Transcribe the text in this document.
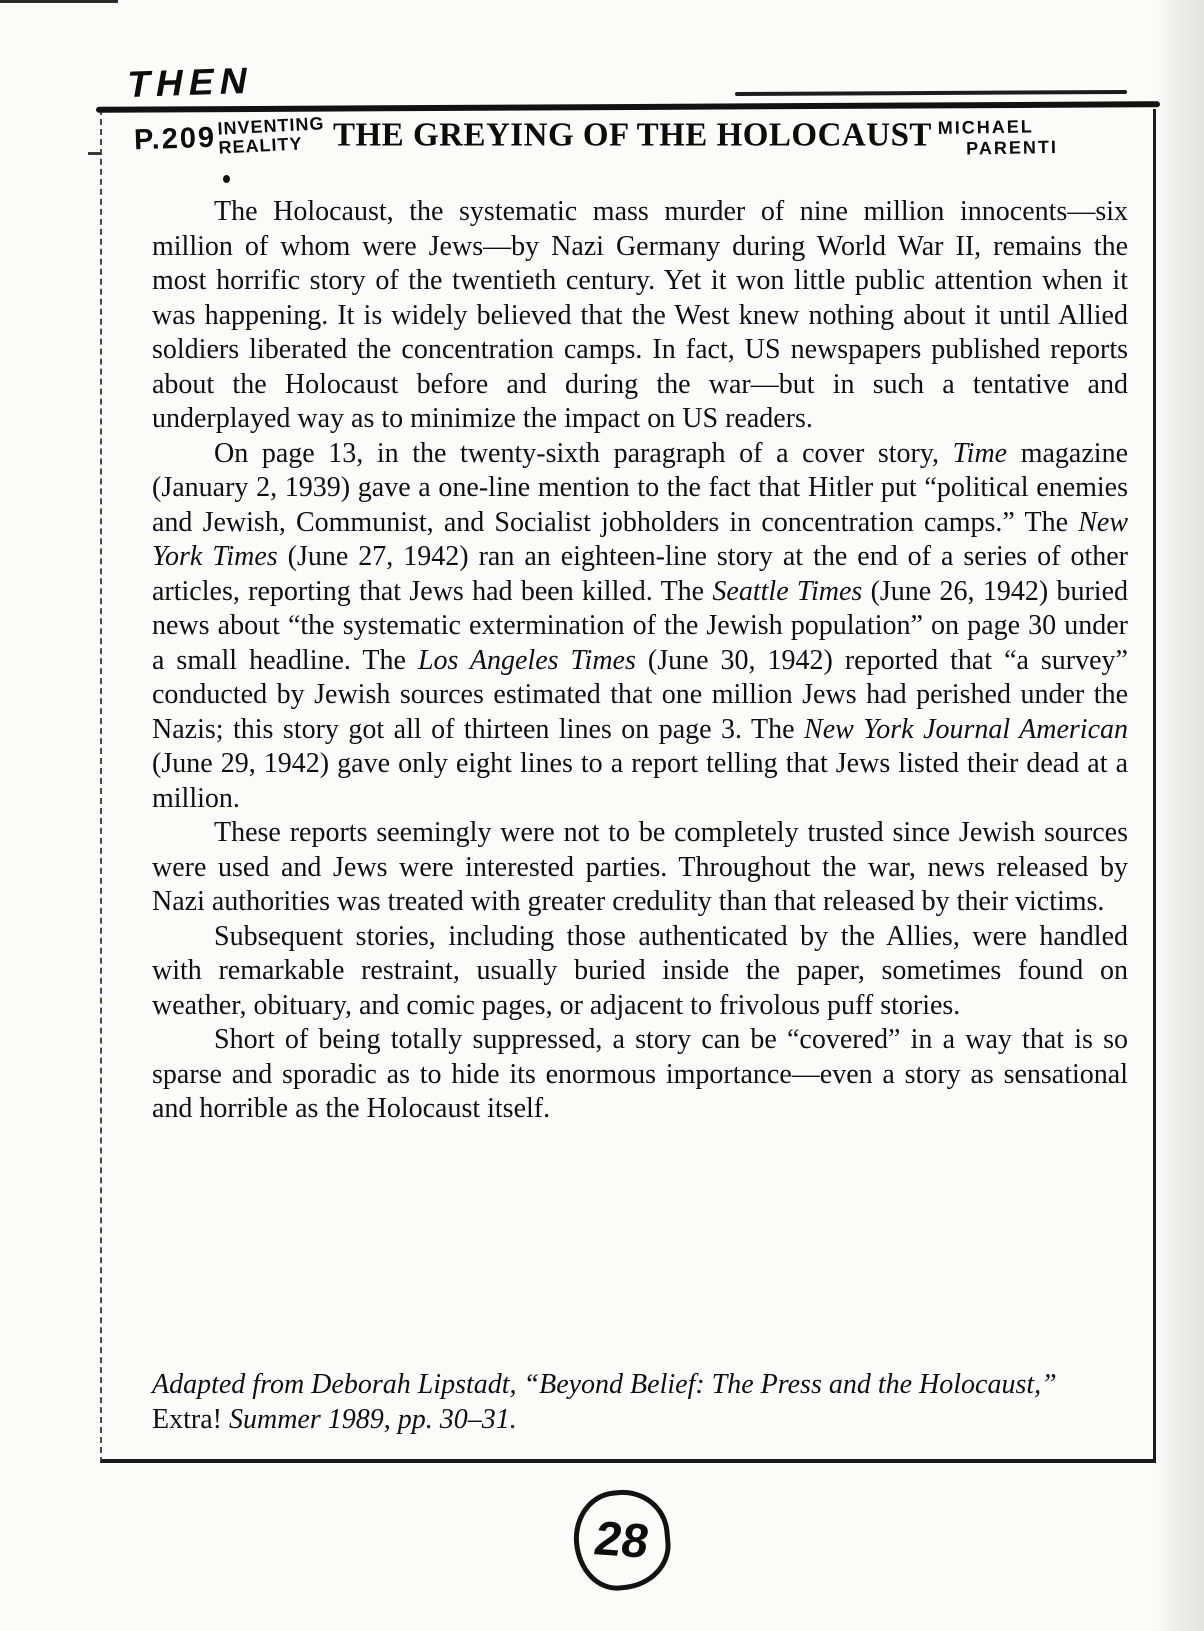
THEN
P.209 INVENTING
REALITY THE GREYING OF THE HOLOCAUST MICHAEL
PARENTI

The Holocaust, the systematic mass murder of nine million innocents—six million of whom were Jews—by Nazi Germany during World War II, remains the most horrific story of the twentieth century. Yet it won little public attention when it was happening. It is widely believed that the West knew nothing about it until Allied soldiers liberated the concentration camps. In fact, US newspapers published reports about the Holocaust before and during the war—but in such a tentative and underplayed way as to minimize the impact on US readers.

On page 13, in the twenty-sixth paragraph of a cover story, Time magazine (January 2, 1939) gave a one-line mention to the fact that Hitler put “political enemies and Jewish, Communist, and Socialist jobholders in concentration camps.” The New York Times (June 27, 1942) ran an eighteen-line story at the end of a series of other articles, reporting that Jews had been killed. The Seattle Times (June 26, 1942) buried news about “the systematic extermination of the Jewish population” on page 30 under a small headline. The Los Angeles Times (June 30, 1942) reported that “a survey” conducted by Jewish sources estimated that one million Jews had perished under the Nazis; this story got all of thirteen lines on page 3. The New York Journal American (June 29, 1942) gave only eight lines to a report telling that Jews listed their dead at a million.

These reports seemingly were not to be completely trusted since Jewish sources were used and Jews were interested parties. Throughout the war, news released by Nazi authorities was treated with greater credulity than that released by their victims.

Subsequent stories, including those authenticated by the Allies, were handled with remarkable restraint, usually buried inside the paper, sometimes found on weather, obituary, and comic pages, or adjacent to frivolous puff stories.

Short of being totally suppressed, a story can be “covered” in a way that is so sparse and sporadic as to hide its enormous importance—even a story as sensational and horrible as the Holocaust itself.

Adapted from Deborah Lipstadt, “Beyond Belief: The Press and the Holocaust,” Extra! Summer 1989, pp. 30–31.
28
